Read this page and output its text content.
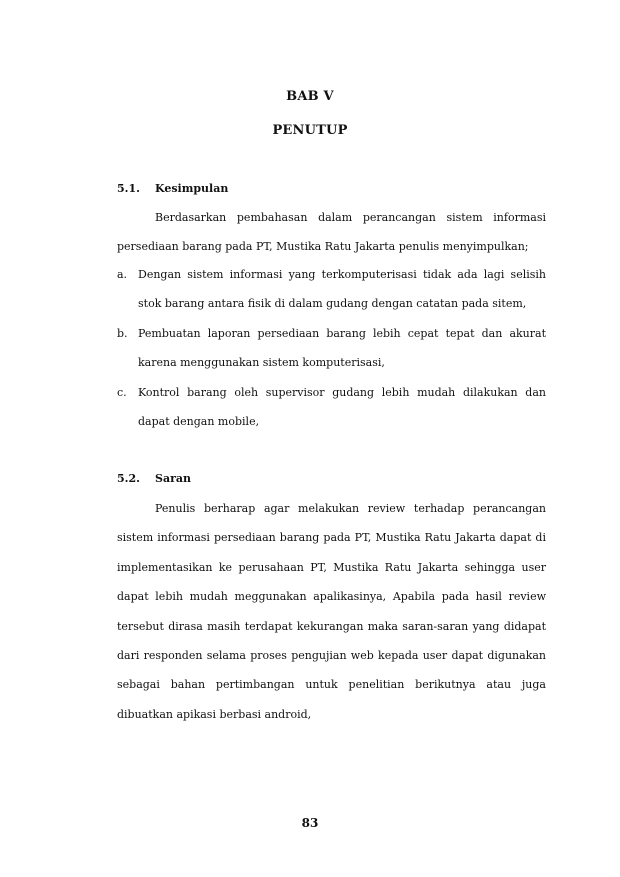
BAB V
PENUTUP
5.1. Kesimpulan

Berdasarkan pembahasan dalam perancangan sistem informasi persediaan barang pada PT, Mustika Ratu Jakarta penulis menyimpulkan;

a. Dengan sistem informasi yang terkomputerisasi tidak ada lagi selisih stok barang antara fisik di dalam gudang dengan catatan pada sitem,
b. Pembuatan laporan persediaan barang lebih cepat tepat dan akurat karena menggunakan sistem komputerisasi,
c. Kontrol barang oleh supervisor gudang lebih mudah dilakukan dan dapat dengan mobile,
5.2. Saran

Penulis berharap agar melakukan review terhadap perancangan sistem informasi persediaan barang pada PT, Mustika Ratu Jakarta dapat di implementasikan ke perusahaan PT, Mustika Ratu Jakarta sehingga user dapat lebih mudah meggunakan apalikasinya, Apabila pada hasil review tersebut dirasa masih terdapat kekurangan maka saran-saran yang didapat dari responden selama proses pengujian web kepada user dapat digunakan sebagai bahan pertimbangan untuk penelitian berikutnya atau juga dibuatkan apikasi berbasi android,

83
